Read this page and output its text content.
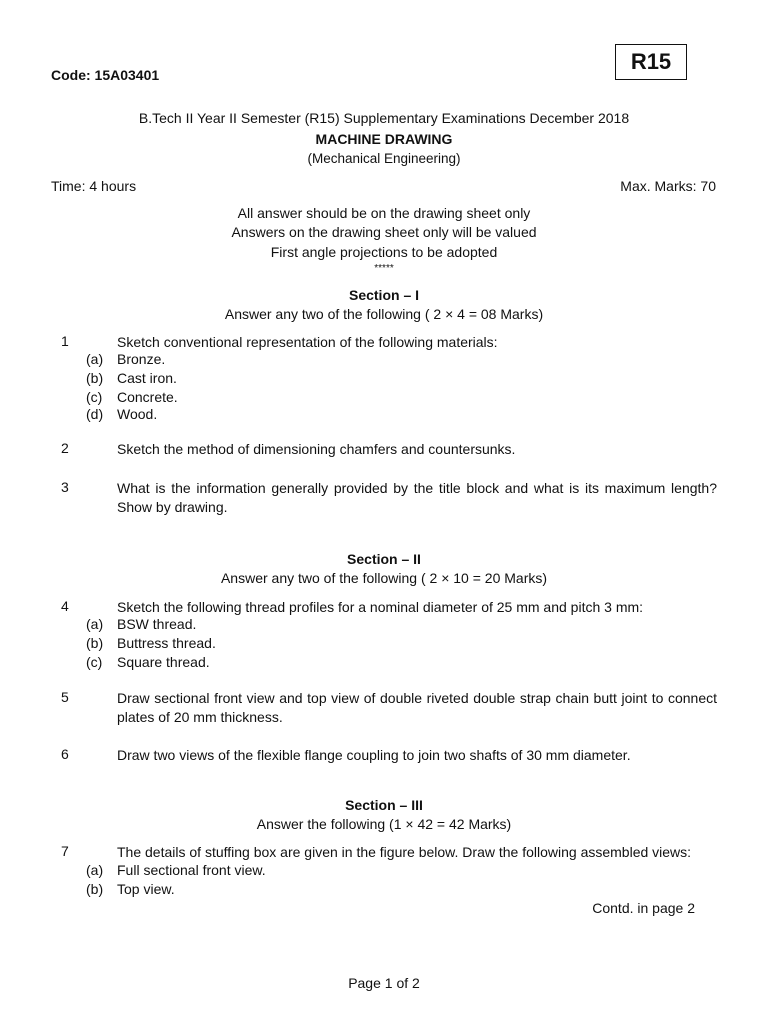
Code: 15A03401
R15
B.Tech II Year II Semester (R15) Supplementary Examinations December 2018
MACHINE DRAWING
(Mechanical Engineering)
Time: 4 hours	Max. Marks: 70
All answer should be on the drawing sheet only
Answers on the drawing sheet only will be valued
First angle projections to be adopted
*****
Section – I
Answer any two of the following ( 2 × 4 = 08 Marks)
1	Sketch conventional representation of the following materials:
(a) Bronze.
(b) Cast iron.
(c) Concrete.
(d) Wood.
2	Sketch the method of dimensioning chamfers and countersunks.
3	What is the information generally provided by the title block and what is its maximum length? Show by drawing.
Section – II
Answer any two of the following ( 2 × 10 = 20 Marks)
4	Sketch the following thread profiles for a nominal diameter of 25 mm and pitch 3 mm:
(a) BSW thread.
(b) Buttress thread.
(c) Square thread.
5	Draw sectional front view and top view of double riveted double strap chain butt joint to connect plates of 20 mm thickness.
6	Draw two views of the flexible flange coupling to join two shafts of 30 mm diameter.
Section – III
Answer the following (1 × 42 = 42 Marks)
7	The details of stuffing box are given in the figure below. Draw the following assembled views:
(a) Full sectional front view.
(b) Top view.
Contd. in page 2
Page 1 of 2
